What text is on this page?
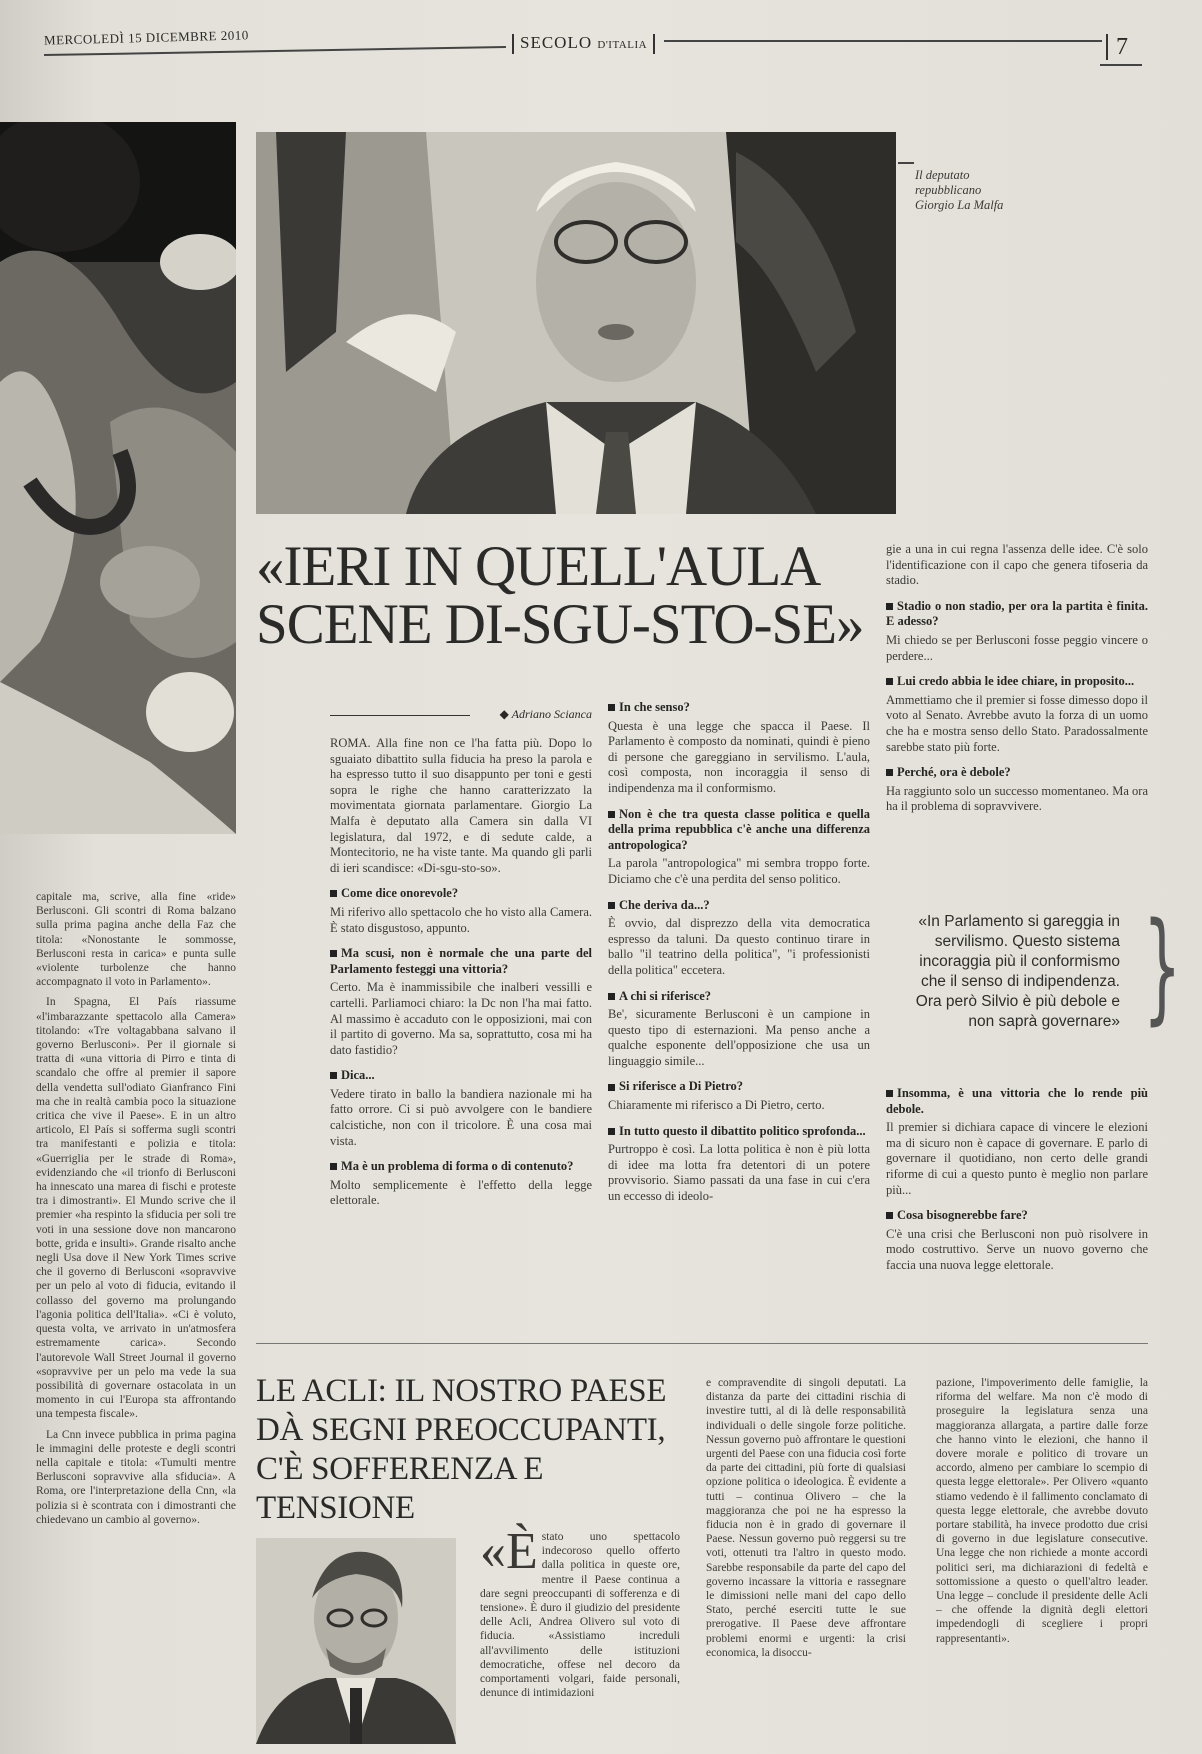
MERCOLEDÌ 15 DICEMBRE 2010	SECOLO D'ITALIA	7
Il deputato
repubblicano
Giorgio La Malfa

capitale ma, scrive, alla fine «ride» Berlusconi. Gli scontri di Roma balzano sulla prima pagina anche della Faz che titola: «Nonostante le sommosse, Berlusconi resta in carica» e punta sulle «violente turbolenze che hanno accompagnato il voto in Parlamento».

In Spagna, El País riassume «l'imbarazzante spettacolo alla Camera» titolando: «Tre voltagabbana salvano il governo Berlusconi». Per il giornale si tratta di «una vittoria di Pirro e tinta di scandalo che offre al premier il sapore della vendetta sull'odiato Gianfranco Fini ma che in realtà cambia poco la situazione critica che vive il Paese». E in un altro articolo, El País si sofferma sugli scontri tra manifestanti e polizia e titola: «Guerriglia per le strade di Roma», evidenziando che «il trionfo di Berlusconi ha innescato una marea di fischi e proteste tra i dimostranti». El Mundo scrive che il premier «ha respinto la sfiducia per soli tre voti in una sessione dove non mancarono botte, grida e insulti». Grande risalto anche negli Usa dove il New York Times scrive che il governo di Berlusconi «sopravvive per un pelo al voto di fiducia, evitando il collasso del governo ma prolungando l'agonia politica dell'Italia». «Ci è voluto, questa volta, ve arrivato in un'atmosfera estremamente carica». Secondo l'autorevole Wall Street Journal il governo «sopravvive per un pelo ma vede la sua possibilità di governare ostacolata in un momento in cui l'Europa sta affrontando una tempesta fiscale».

La Cnn invece pubblica in prima pagina le immagini delle proteste e degli scontri nella capitale e titola: «Tumulti mentre Berlusconi sopravvive alla sfiducia». A Roma, ore l'interpretazione della Cnn, «la polizia si è scontrata con i dimostranti che chiedevano un cambio al governo».

«IERI IN QUELL'AULA
SCENE DI-SGU-STO-SE»
◆ Adriano Scianca
ROMA. Alla fine non ce l'ha fatta più. Dopo lo sguaiato dibattito sulla fiducia ha preso la parola e ha espresso tutto il suo disappunto per toni e gesti sopra le righe che hanno caratterizzato la movimentata giornata parlamentare. Giorgio La Malfa è deputato alla Camera sin dalla VI legislatura, dal 1972, e di sedute calde, a Montecitorio, ne ha viste tante. Ma quando gli parli di ieri scandisce: «Di-sgu-sto-so».
Come dice onorevole?
Mi riferivo allo spettacolo che ho visto alla Camera. È stato disgustoso, appunto.
Ma scusi, non è normale che una parte del Parlamento festeggi una vittoria?
Certo. Ma è inammissibile che inalberi vessilli e cartelli. Parliamoci chiaro: la Dc non l'ha mai fatto. Al massimo è accaduto con le opposizioni, mai con il partito di governo. Ma sa, soprattutto, cosa mi ha dato fastidio?
Dica...
Vedere tirato in ballo la bandiera nazionale mi ha fatto orrore. Ci si può avvolgere con le bandiere calcistiche, non con il tricolore. È una cosa mai vista.
Ma è un problema di forma o di contenuto?
Molto semplicemente è l'effetto della legge elettorale.
In che senso?
Questa è una legge che spacca il Paese. Il Parlamento è composto da nominati, quindi è pieno di persone che gareggiano in servilismo. L'aula, così composta, non incoraggia il senso di indipendenza ma il conformismo.
Non è che tra questa classe politica e quella della prima repubblica c'è anche una differenza antropologica?
La parola "antropologica" mi sembra troppo forte. Diciamo che c'è una perdita del senso politico.
Che deriva da...?
È ovvio, dal disprezzo della vita democratica espresso da taluni. Da questo continuo tirare in ballo "il teatrino della politica", "i professionisti della politica" eccetera.
A chi si riferisce?
Be', sicuramente Berlusconi è un campione in questo tipo di esternazioni. Ma penso anche a qualche esponente dell'opposizione che usa un linguaggio simile...
Si riferisce a Di Pietro?
Chiaramente mi riferisco a Di Pietro, certo.
In tutto questo il dibattito politico sprofonda...
Purtroppo è così. La lotta politica è non è più lotta di idee ma lotta fra detentori di un potere provvisorio. Siamo passati da una fase in cui c'era un eccesso di ideolo-
gie a una in cui regna l'assenza delle idee. C'è solo l'identificazione con il capo che genera tifoseria da stadio.
Stadio o non stadio, per ora la partita è finita. E adesso?
Mi chiedo se per Berlusconi fosse peggio vincere o perdere...
Lui credo abbia le idee chiare, in proposito...
Ammettiamo che il premier si fosse dimesso dopo il voto al Senato. Avrebbe avuto la forza di un uomo che ha e mostra senso dello Stato. Paradossalmente sarebbe stato più forte.
Perché, ora è debole?
Ha raggiunto solo un successo momentaneo. Ma ora ha il problema di sopravvivere.
«In Parlamento si gareggia in servilismo. Questo sistema incoraggia più il conformismo che il senso di indipendenza. Ora però Silvio è più debole e non saprà governare» }
Insomma, è una vittoria che lo rende più debole.
Il premier si dichiara capace di vincere le elezioni ma di sicuro non è capace di governare. E parlo di governare il quotidiano, non certo delle grandi riforme di cui a questo punto è meglio non parlare più...
Cosa bisognerebbe fare?
C'è una crisi che Berlusconi non può risolvere in modo costruttivo. Serve un nuovo governo che faccia una nuova legge elettorale.
LE ACLI: IL NOSTRO PAESE
DÀ SEGNI PREOCCUPANTI,
C'È SOFFERENZA E TENSIONE
«Èstato uno spettacolo indecoroso quello offerto dalla politica in queste ore, mentre il Paese continua a dare segni preoccupanti di sofferenza e di tensione». È duro il giudizio del presidente delle Acli, Andrea Olivero sul voto di fiducia. «Assistiamo increduli all'avvilimento delle istituzioni democratiche, offese nel decoro da comportamenti volgari, faide personali, denunce di intimidazioni
e compravendite di singoli deputati. La distanza da parte dei cittadini rischia di investire tutti, al di là delle responsabilità individuali o delle singole forze politiche. Nessun governo può affrontare le questioni urgenti del Paese con una fiducia così forte da parte dei cittadini, più forte di qualsiasi opzione politica o ideologica. È evidente a tutti – continua Olivero – che la maggioranza che poi ne ha espresso la fiducia non è in grado di governare il Paese. Nessun governo può reggersi su tre voti, ottenuti tra l'altro in questo modo. Sarebbe responsabile da parte del capo del governo incassare la vittoria e rassegnare le dimissioni nelle mani del capo dello Stato, perché eserciti tutte le sue prerogative. Il Paese deve affrontare problemi enormi e urgenti: la crisi economica, la disoccu-
pazione, l'impoverimento delle famiglie, la riforma del welfare. Ma non c'è modo di proseguire la legislatura senza una maggioranza allargata, a partire dalle forze che hanno vinto le elezioni, che hanno il dovere morale e politico di trovare un accordo, almeno per cambiare lo scempio di questa legge elettorale». Per Olivero «quanto stiamo vedendo è il fallimento conclamato di questa legge elettorale, che avrebbe dovuto portare stabilità, ha invece prodotto due crisi di governo in due legislature consecutive. Una legge che non richiede a monte accordi politici seri, ma dichiarazioni di fedeltà e sottomissione a questo o quell'altro leader. Una legge – conclude il presidente delle Acli – che offende la dignità degli elettori impedendogli di scegliere i propri rappresentanti».
